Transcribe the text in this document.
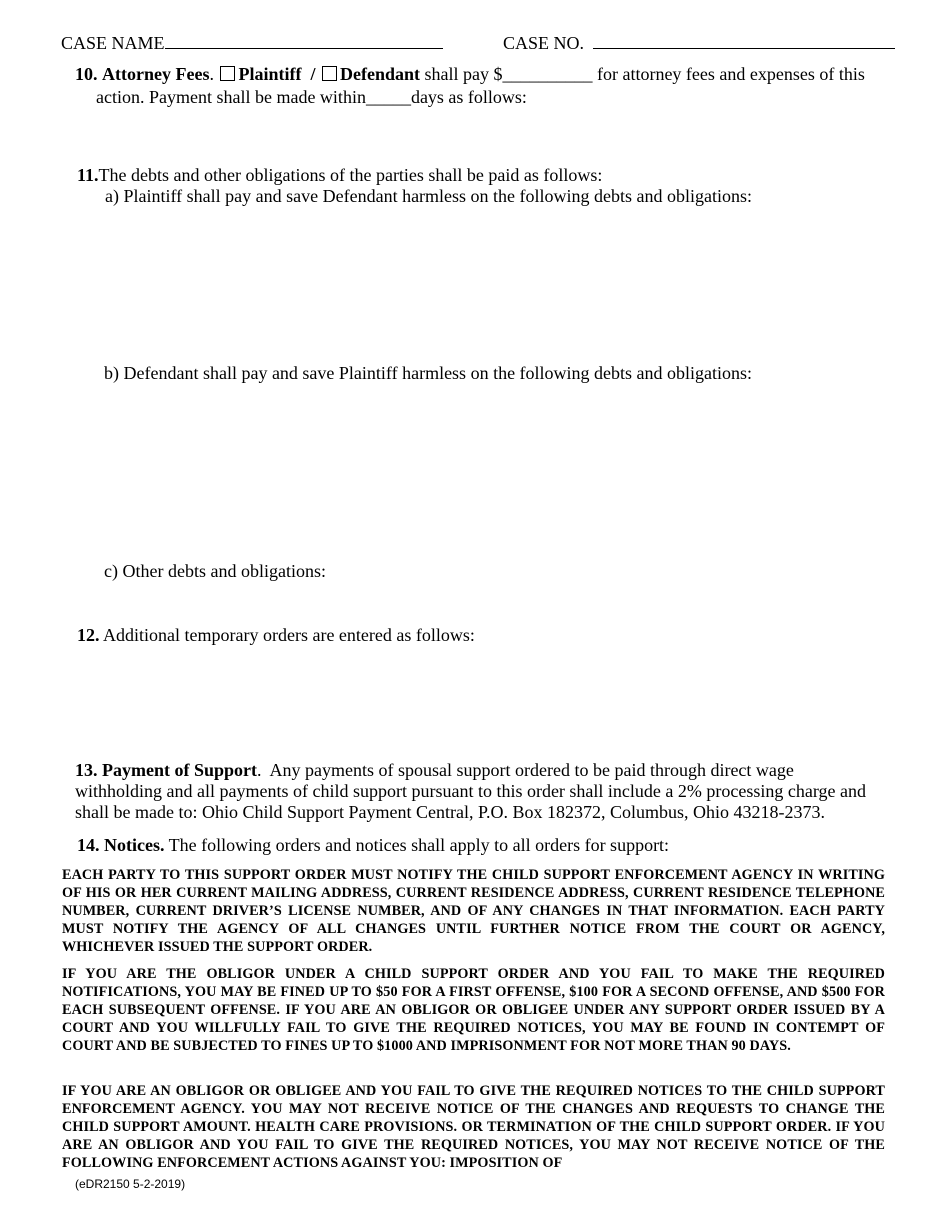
CASE NAME	CASE NO.
10. Attorney Fees. Plaintiff / Defendant shall pay $__________ for attorney fees and expenses of this
action. Payment shall be made within_____days as follows:
11.The debts and other obligations of the parties shall be paid as follows:
a) Plaintiff shall pay and save Defendant harmless on the following debts and obligations:
b) Defendant shall pay and save Plaintiff harmless on the following debts and obligations:
c) Other debts and obligations:
12. Additional temporary orders are entered as follows:
13. Payment of Support. Any payments of spousal support ordered to be paid through direct wage
withholding and all payments of child support pursuant to this order shall include a 2% processing charge and
shall be made to: Ohio Child Support Payment Central, P.O. Box 182372, Columbus, Ohio 43218-2373.
14. Notices. The following orders and notices shall apply to all orders for support:
EACH PARTY TO THIS SUPPORT ORDER MUST NOTIFY THE CHILD SUPPORT ENFORCEMENT AGENCY IN WRITING OF HIS OR HER CURRENT MAILING ADDRESS, CURRENT RESIDENCE ADDRESS, CURRENT RESIDENCE TELEPHONE NUMBER, CURRENT DRIVER’S LICENSE NUMBER, AND OF ANY CHANGES IN THAT INFORMATION. EACH PARTY MUST NOTIFY THE AGENCY OF ALL CHANGES UNTIL FURTHER NOTICE FROM THE COURT OR AGENCY, WHICHEVER ISSUED THE SUPPORT ORDER.
IF YOU ARE THE OBLIGOR UNDER A CHILD SUPPORT ORDER AND YOU FAIL TO MAKE THE REQUIRED NOTIFICATIONS, YOU MAY BE FINED UP TO $50 FOR A FIRST OFFENSE, $100 FOR A SECOND OFFENSE, AND $500 FOR EACH SUBSEQUENT OFFENSE. IF YOU ARE AN OBLIGOR OR OBLIGEE UNDER ANY SUPPORT ORDER ISSUED BY A COURT AND YOU WILLFULLY FAIL TO GIVE THE REQUIRED NOTICES, YOU MAY BE FOUND IN CONTEMPT OF COURT AND BE SUBJECTED TO FINES UP TO $1000 AND IMPRISONMENT FOR NOT MORE THAN 90 DAYS.
IF YOU ARE AN OBLIGOR OR OBLIGEE AND YOU FAIL TO GIVE THE REQUIRED NOTICES TO THE CHILD SUPPORT ENFORCEMENT AGENCY. YOU MAY NOT RECEIVE NOTICE OF THE CHANGES AND REQUESTS TO CHANGE THE CHILD SUPPORT AMOUNT. HEALTH CARE PROVISIONS. OR TERMINATION OF THE CHILD SUPPORT ORDER. IF YOU ARE AN OBLIGOR AND YOU FAIL TO GIVE THE REQUIRED NOTICES, YOU MAY NOT RECEIVE NOTICE OF THE FOLLOWING ENFORCEMENT ACTIONS AGAINST YOU: IMPOSITION OF
(eDR2150 5-2-2019)
